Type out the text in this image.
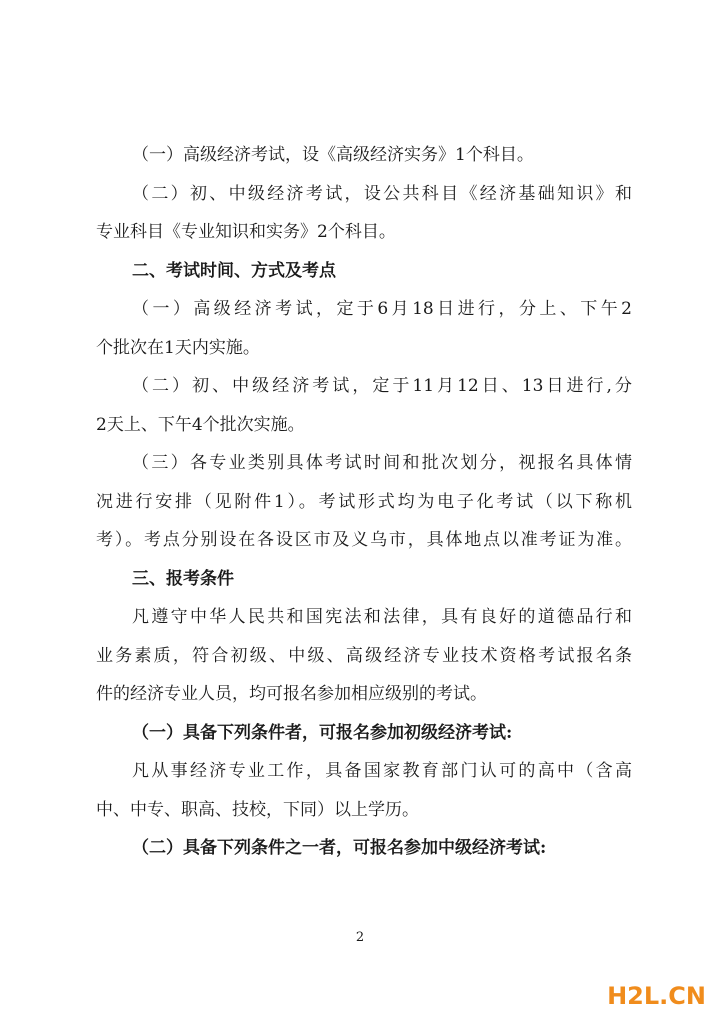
（一）高级经济考试，设《高级经济实务》1个科目。
（二）初、中级经济考试，设公共科目《经济基础知识》和
专业科目《专业知识和实务》2个科目。
二、考试时间、方式及考点
（一）高级经济考试，定于6月18日进行，分上、下午2
个批次在1天内实施。
（二）初、中级经济考试，定于11月12日、13日进行,分
2天上、下午4个批次实施。
（三）各专业类别具体考试时间和批次划分，视报名具体情
况进行安排（见附件1）。考试形式均为电子化考试（以下称机
考）。考点分别设在各设区市及义乌市，具体地点以准考证为准。
三、报考条件
凡遵守中华人民共和国宪法和法律，具有良好的道德品行和
业务素质，符合初级、中级、高级经济专业技术资格考试报名条
件的经济专业人员，均可报名参加相应级别的考试。
（一）具备下列条件者，可报名参加初级经济考试:
凡从事经济专业工作，具备国家教育部门认可的高中（含高
中、中专、职高、技校，下同）以上学历。
（二）具备下列条件之一者，可报名参加中级经济考试:
2
H2L.CN
